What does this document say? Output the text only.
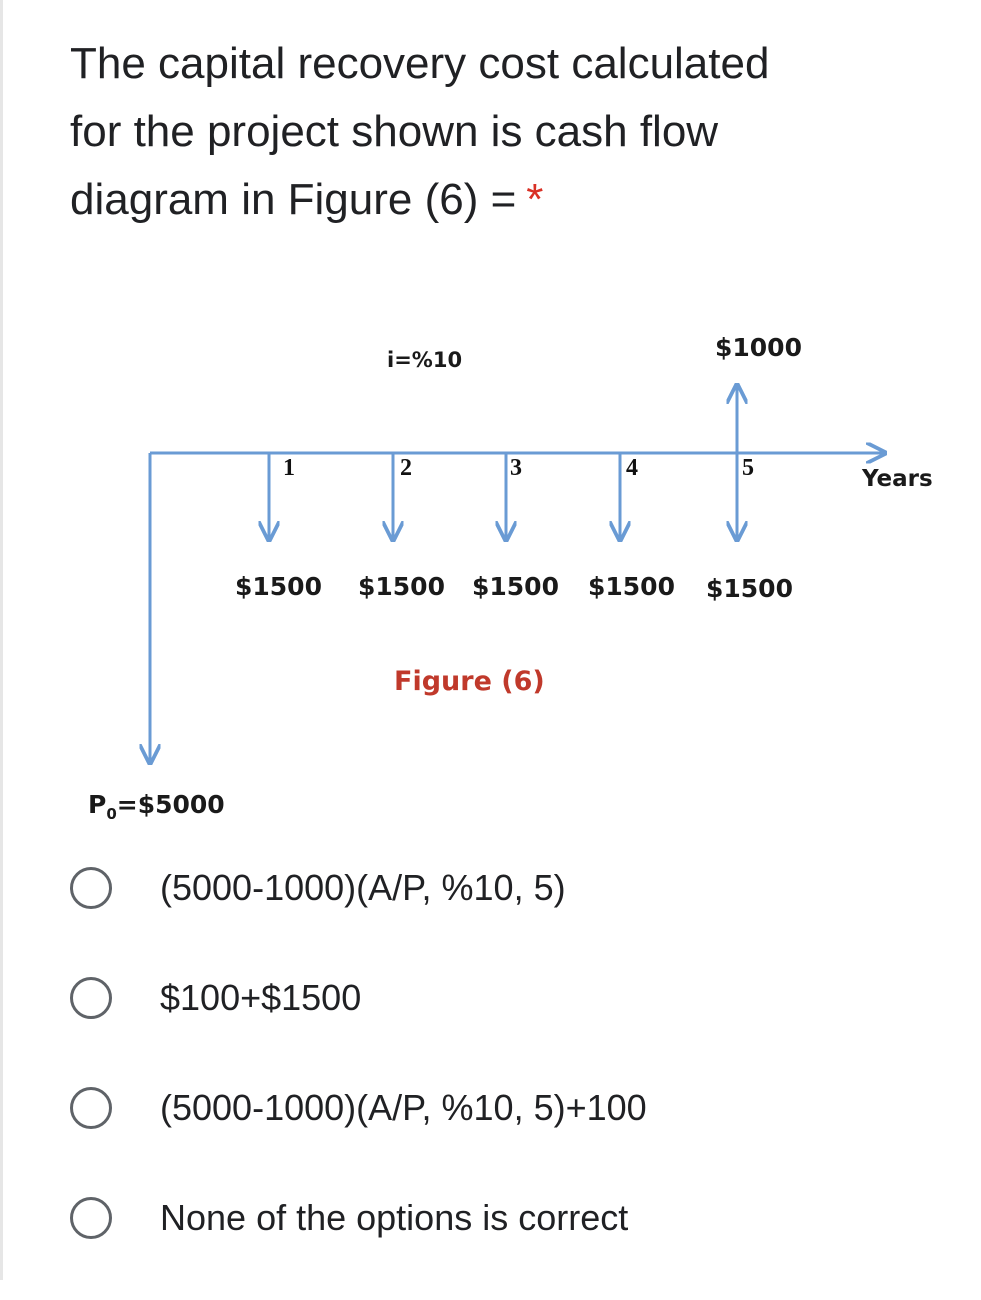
The capital recovery cost calculated
for the project shown is cash flow
diagram in Figure (6) = *
i=%10	$1000
Years
1	2	3	4	5
$1500 $1500 $1500 $1500 $1500
Figure (6)
$P_0=\$5000$
(5000-1000)(A/P, %10, 5)
$100+$1500
(5000-1000)(A/P, %10, 5)+100
None of the options is correct
